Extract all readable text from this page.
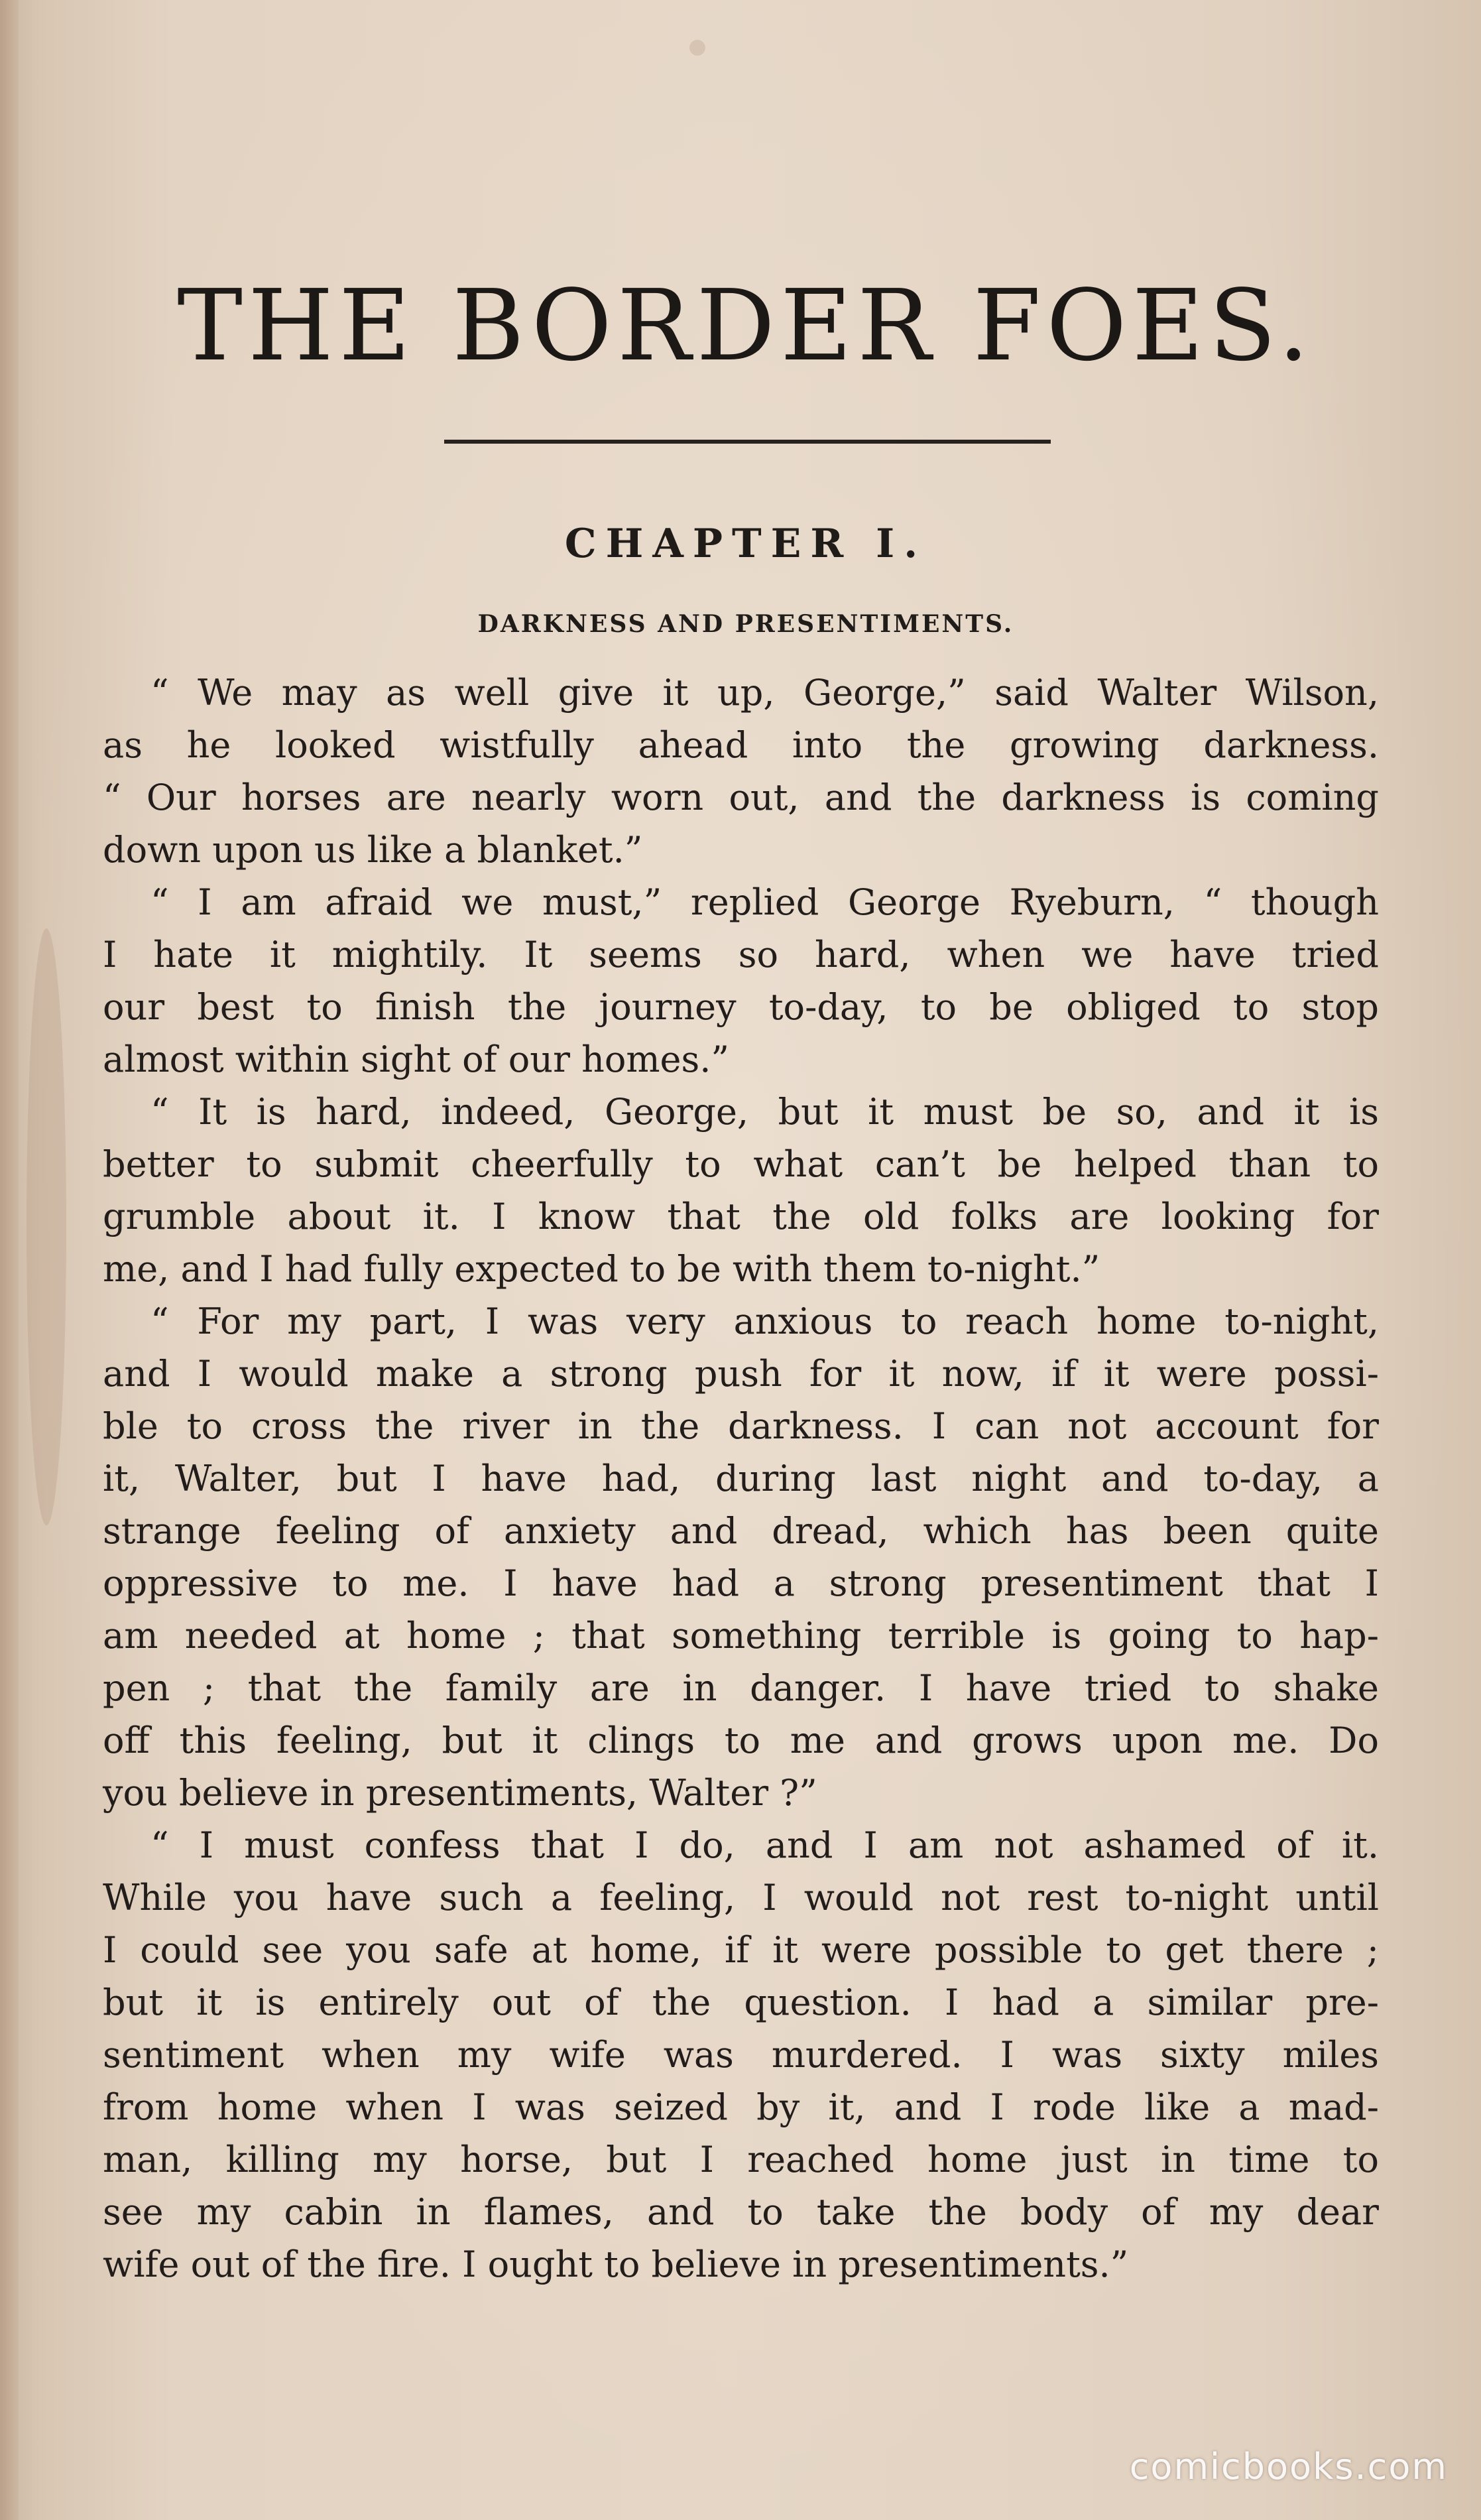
THE BORDER FOES.
CHAPTER I.
DARKNESS AND PRESENTIMENTS.
“ We may as well give it up, George,” said Walter Wilson,
as he looked wistfully ahead into the growing darkness.
“ Our horses are nearly worn out, and the darkness is coming
down upon us like a blanket.”
“ I am afraid we must,” replied George Ryeburn, “ though
I hate it mightily. It seems so hard, when we have tried
our best to finish the journey to-day, to be obliged to stop
almost within sight of our homes.”
“ It is hard, indeed, George, but it must be so, and it is
better to submit cheerfully to what can’t be helped than to
grumble about it. I know that the old folks are looking for
me, and I had fully expected to be with them to-night.”
“ For my part, I was very anxious to reach home to-night,
and I would make a strong push for it now, if it were possi-
ble to cross the river in the darkness. I can not account for
it, Walter, but I have had, during last night and to-day, a
strange feeling of anxiety and dread, which has been quite
oppressive to me. I have had a strong presentiment that I
am needed at home ; that something terrible is going to hap-
pen ; that the family are in danger. I have tried to shake
off this feeling, but it clings to me and grows upon me. Do
you believe in presentiments, Walter ?”
“ I must confess that I do, and I am not ashamed of it.
While you have such a feeling, I would not rest to-night until
I could see you safe at home, if it were possible to get there ;
but it is entirely out of the question. I had a similar pre-
sentiment when my wife was murdered. I was sixty miles
from home when I was seized by it, and I rode like a mad-
man, killing my horse, but I reached home just in time to
see my cabin in flames, and to take the body of my dear
wife out of the fire. I ought to believe in presentiments.”
comicbooks.com
